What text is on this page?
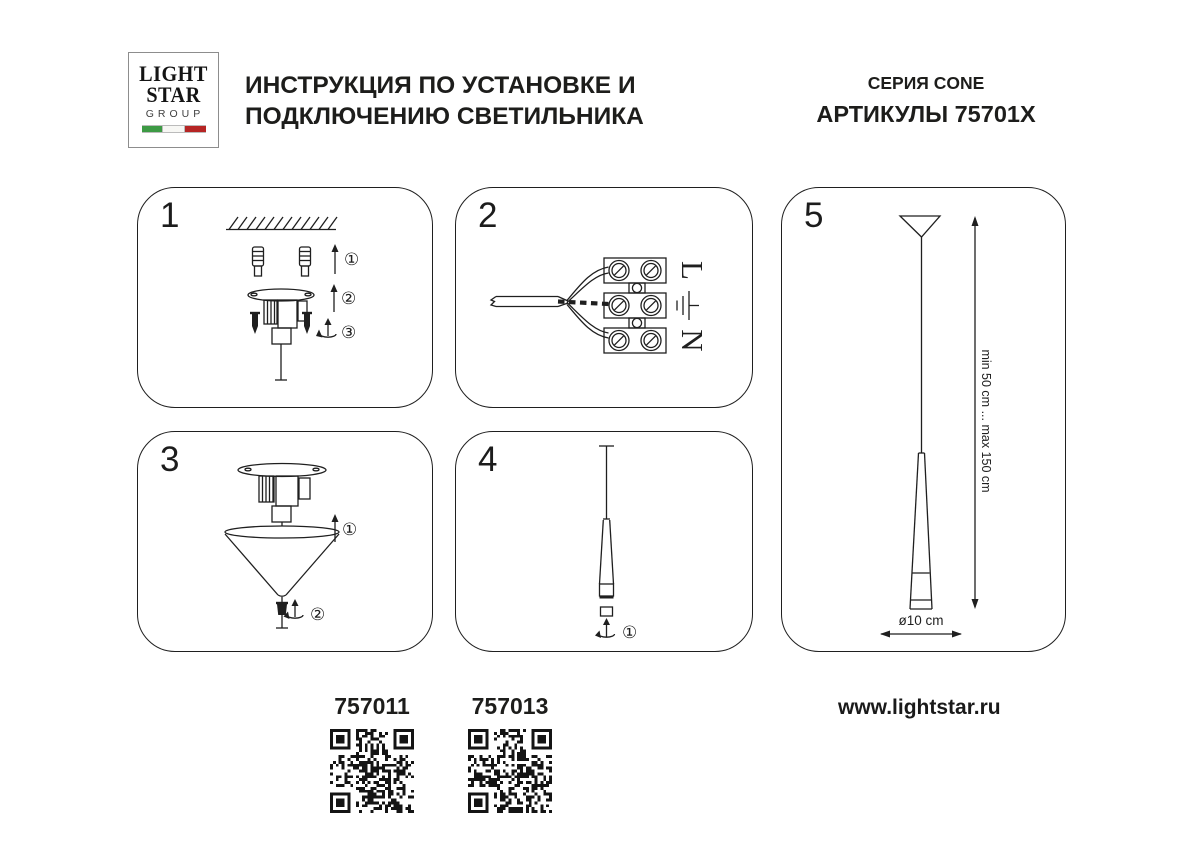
LIGHT
STAR
GROUP
ИНСТРУКЦИЯ ПО УСТАНОВКЕ И
ПОДКЛЮЧЕНИЮ СВЕТИЛЬНИКА
СЕРИЯ CONE
АРТИКУЛЫ 75701X
1
①
②
③
2
L
N
3
①
②
4
①
5
min 50 cm ... max 150 cm
ø10 cm
757011	757013	www.lightstar.ru
